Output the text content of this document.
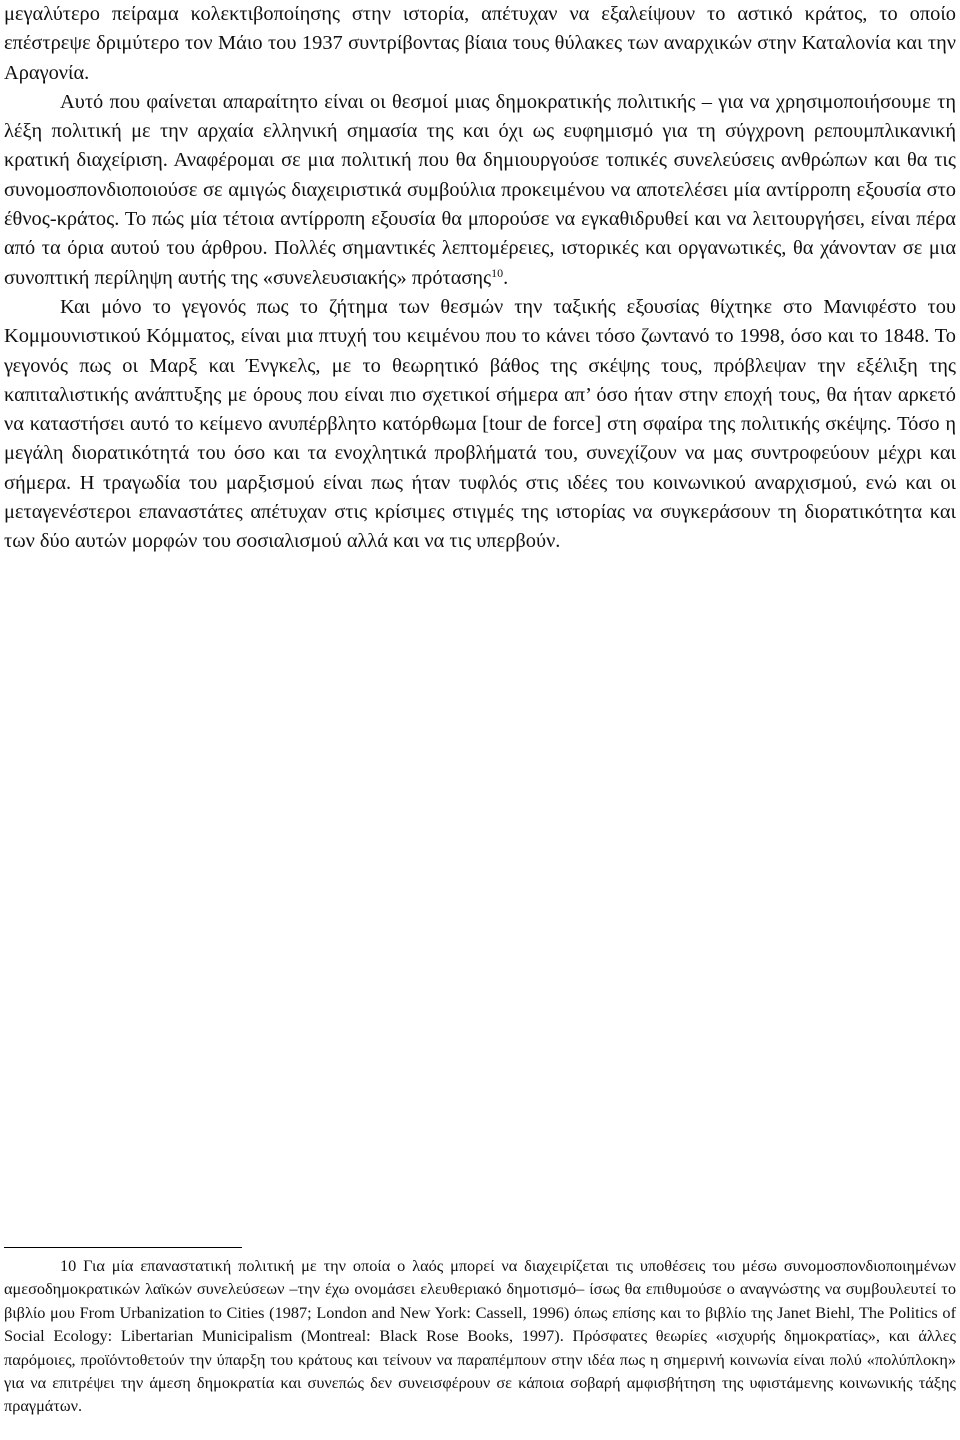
μεγαλύτερο πείραμα κολεκτιβοποίησης στην ιστορία, απέτυχαν να εξαλείψουν το αστικό κράτος, το οποίο επέστρεψε δριμύτερο τον Μάιο του 1937 συντρίβοντας βίαια τους θύλακες των αναρχικών στην Καταλονία και την Αραγονία.

Αυτό που φαίνεται απαραίτητο είναι οι θεσμοί μιας δημοκρατικής πολιτικής – για να χρησιμοποιήσουμε τη λέξη πολιτική με την αρχαία ελληνική σημασία της και όχι ως ευφημισμό για τη σύγχρονη ρεπουμπλικανική κρατική διαχείριση. Αναφέρομαι σε μια πολιτική που θα δημιουργούσε τοπικές συνελεύσεις ανθρώπων και θα τις συνομοσπονδιοποιούσε σε αμιγώς διαχειριστικά συμβούλια προκειμένου να αποτελέσει μία αντίρροπη εξουσία στο έθνος-κράτος. Το πώς μία τέτοια αντίρροπη εξουσία θα μπορούσε να εγκαθιδρυθεί και να λειτουργήσει, είναι πέρα από τα όρια αυτού του άρθρου. Πολλές σημαντικές λεπτομέρειες, ιστορικές και οργανωτικές, θα χάνονταν σε μια συνοπτική περίληψη αυτής της «συνελευσιακής» πρότασης$^{10}$.

Και μόνο το γεγονός πως το ζήτημα των θεσμών την ταξικής εξουσίας θίχτηκε στο Μανιφέστο του Κομμουνιστικού Κόμματος, είναι μια πτυχή του κειμένου που το κάνει τόσο ζωντανό το 1998, όσο και το 1848. Το γεγονός πως οι Μαρξ και Ένγκελς, με το θεωρητικό βάθος της σκέψης τους, πρόβλεψαν την εξέλιξη της καπιταλιστικής ανάπτυξης με όρους που είναι πιο σχετικοί σήμερα απ’ όσο ήταν στην εποχή τους, θα ήταν αρκετό να καταστήσει αυτό το κείμενο ανυπέρβλητο κατόρθωμα [tour de force] στη σφαίρα της πολιτικής σκέψης. Τόσο η μεγάλη διορατικότητά του όσο και τα ενοχλητικά προβλήματά του, συνεχίζουν να μας συντροφεύουν μέχρι και σήμερα. Η τραγωδία του μαρξισμού είναι πως ήταν τυφλός στις ιδέες του κοινωνικού αναρχισμού, ενώ και οι μεταγενέστεροι επαναστάτες απέτυχαν στις κρίσιμες στιγμές της ιστορίας να συγκεράσουν τη διορατικότητα και των δύο αυτών μορφών του σοσιαλισμού αλλά και να τις υπερβούν.

10 Για μία επαναστατική πολιτική με την οποία ο λαός μπορεί να διαχειρίζεται τις υποθέσεις του μέσω συνομοσπονδιοποιημένων αμεσοδημοκρατικών λαϊκών συνελεύσεων –την έχω ονομάσει ελευθεριακό δημοτισμό– ίσως θα επιθυμούσε ο αναγνώστης να συμβουλευτεί το βιβλίο μου From Urbanization to Cities (1987; London and New York: Cassell, 1996) όπως επίσης και το βιβλίο της Janet Biehl, The Politics of Social Ecology: Libertarian Municipalism (Montreal: Black Rose Books, 1997). Πρόσφατες θεωρίες «ισχυρής δημοκρατίας», και άλλες παρόμοιες, προϊόντοθετούν την ύπαρξη του κράτους και τείνουν να παραπέμπουν στην ιδέα πως η σημερινή κοινωνία είναι πολύ «πολύπλοκη» για να επιτρέψει την άμεση δημοκρατία και συνεπώς δεν συνεισφέρουν σε κάποια σοβαρή αμφισβήτηση της υφιστάμενης κοινωνικής τάξης πραγμάτων.
